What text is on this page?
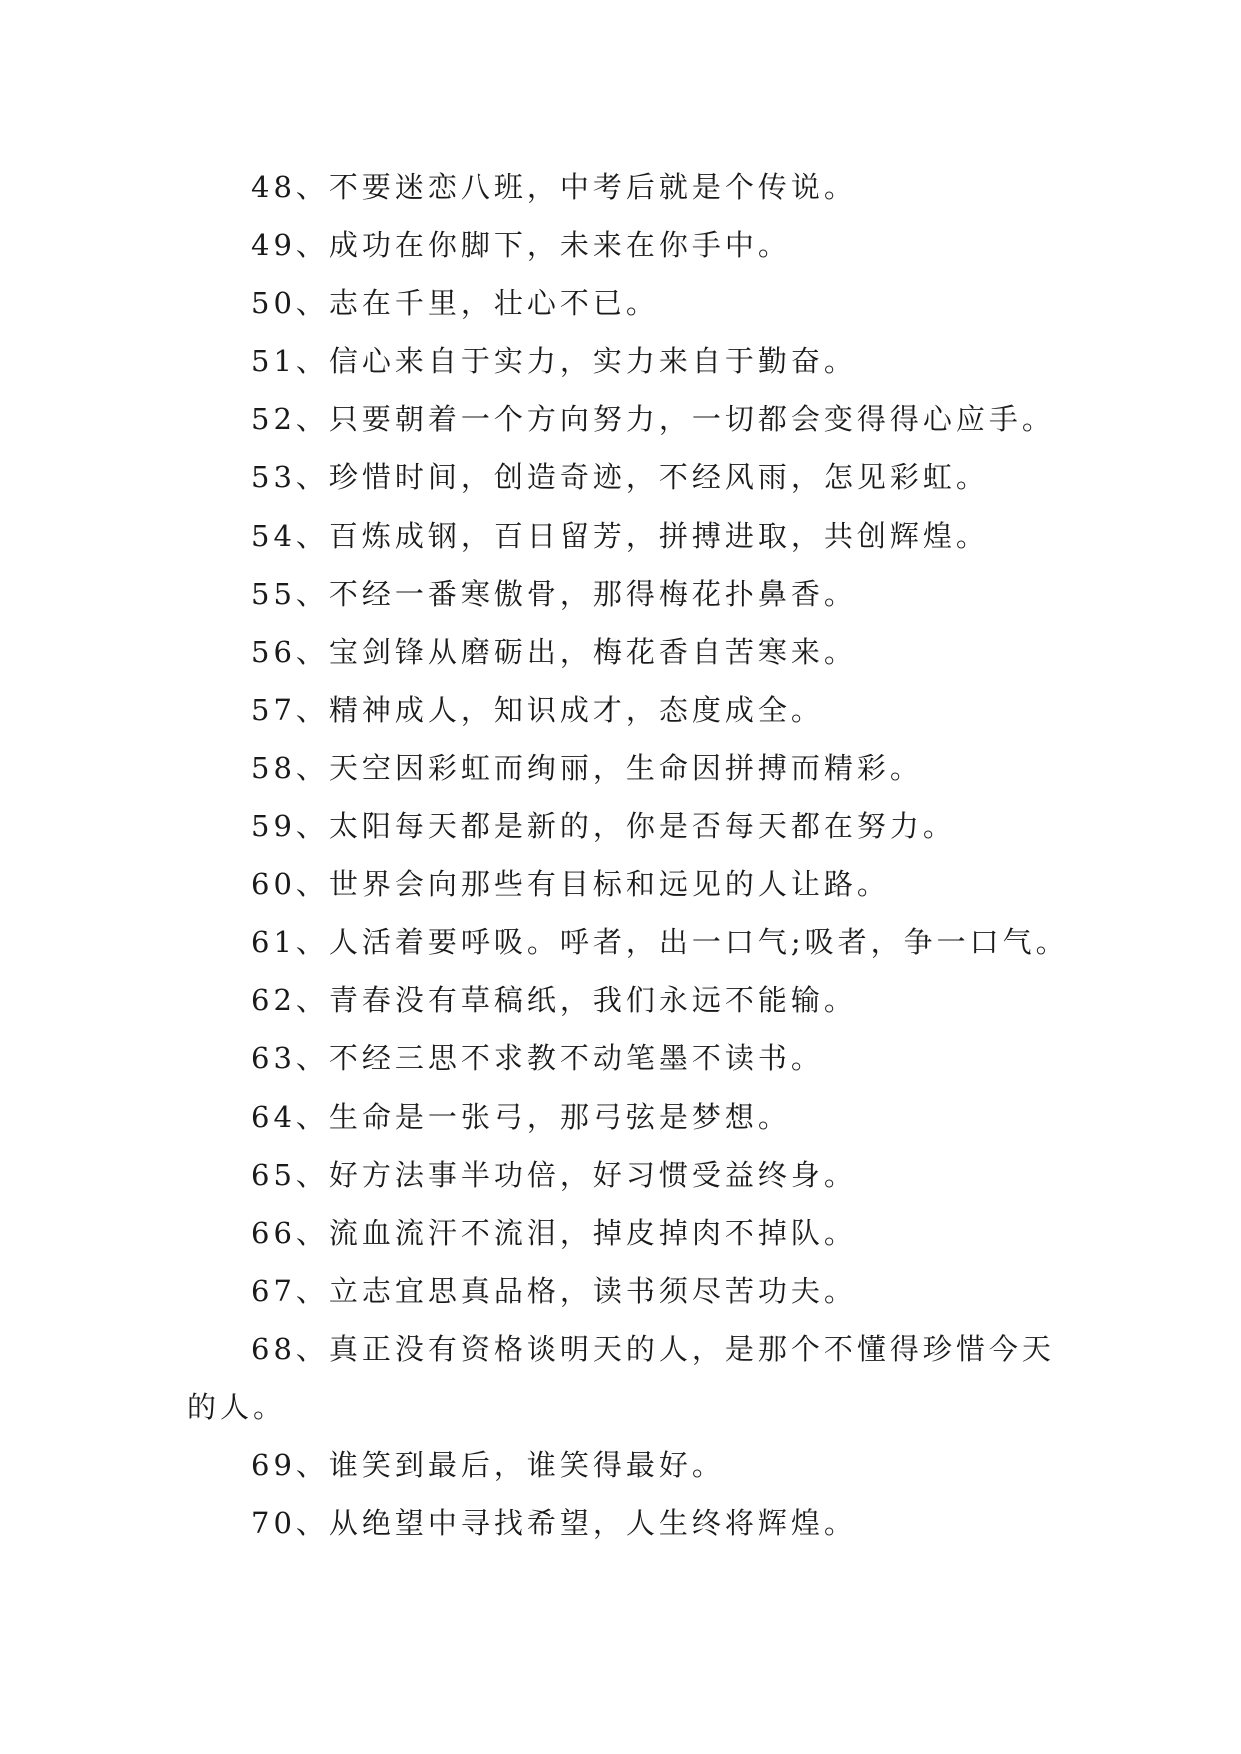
48、不要迷恋八班，中考后就是个传说。
49、成功在你脚下，未来在你手中。
50、志在千里，壮心不已。
51、信心来自于实力，实力来自于勤奋。
52、只要朝着一个方向努力，一切都会变得得心应手。
53、珍惜时间，创造奇迹，不经风雨，怎见彩虹。
54、百炼成钢，百日留芳，拼搏进取，共创辉煌。
55、不经一番寒傲骨，那得梅花扑鼻香。
56、宝剑锋从磨砺出，梅花香自苦寒来。
57、精神成人，知识成才，态度成全。
58、天空因彩虹而绚丽，生命因拼搏而精彩。
59、太阳每天都是新的，你是否每天都在努力。
60、世界会向那些有目标和远见的人让路。
61、人活着要呼吸。呼者，出一口气;吸者，争一口气。
62、青春没有草稿纸，我们永远不能输。
63、不经三思不求教不动笔墨不读书。
64、生命是一张弓，那弓弦是梦想。
65、好方法事半功倍，好习惯受益终身。
66、流血流汗不流泪，掉皮掉肉不掉队。
67、立志宜思真品格，读书须尽苦功夫。
68、真正没有资格谈明天的人，是那个不懂得珍惜今天的人。
69、谁笑到最后，谁笑得最好。
70、从绝望中寻找希望，人生终将辉煌。
